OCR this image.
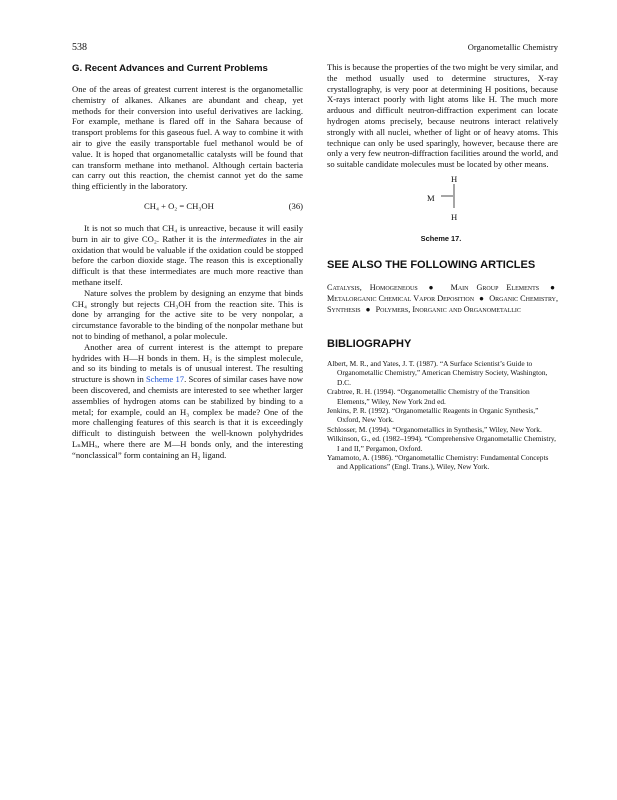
538	Organometallic Chemistry
G. Recent Advances and Current Problems

One of the areas of greatest current interest is the organometallic chemistry of alkanes. Alkanes are abundant and cheap, yet methods for their conversion into useful derivatives are lacking. For example, methane is flared off in the Sahara because of transport problems for this gaseous fuel. A way to combine it with air to give the easily transportable fuel methanol would be of value. It is hoped that organometallic catalysts will be found that can transform methane into methanol. Although certain bacteria can carry out this reaction, the chemist cannot yet do the same thing efficiently in the laboratory.

CH₄ + O₂ = CH₃OH	(36)

It is not so much that CH₄ is unreactive, because it will easily burn in air to give CO₂. Rather it is the intermediates in the air oxidation that would be valuable if the oxidation could be stopped before the carbon dioxide stage. The reason this is exceptionally difficult is that these intermediates are much more reactive than methane itself.

Nature solves the problem by designing an enzyme that binds CH₄ strongly but rejects CH₃OH from the reaction site. This is done by arranging for the active site to be very nonpolar, a circumstance favorable to the binding of the nonpolar methane but not to binding of methanol, a polar molecule.

Another area of current interest is the attempt to prepare hydrides with H—H bonds in them. H₂ is the simplest molecule, and so its binding to metals is of unusual interest. The resulting structure is shown in Scheme 17. Scores of similar cases have now been discovered, and chemists are interested to see whether larger assemblies of hydrogen atoms can be stabilized by binding to a metal; for example, could an H₃ complex be made? One of the more challenging features of this search is that it is exceedingly difficult to distinguish between the well-known polyhydrides LₙMHₓ, where there are M—H bonds only, and the interesting “nonclassical” form containing an H₂ ligand.

This is because the properties of the two might be very similar, and the method usually used to determine structures, X-ray crystallography, is very poor at determining H positions, because X-rays interact poorly with light atoms like H. The much more arduous and difficult neutron-diffraction experiment can locate hydrogen atoms precisely, because neutrons interact relatively strongly with all nuclei, whether of light or of heavy atoms. This technique can only be used sparingly, however, because there are only a very few neutron-diffraction facilities around the world, and so suitable candidate molecules must be located by other means.

H
M
H
Scheme 17.
SEE ALSO THE FOLLOWING ARTICLES
Catalysis, Homogeneous ● Main Group Elements ● Metalorganic Chemical Vapor Deposition ● Organic Chemistry, Synthesis ● Polymers, Inorganic and Organometallic
BIBLIOGRAPHY

Albert, M. R., and Yates, J. T. (1987). “A Surface Scientist’s Guide to Organometallic Chemistry,” American Chemistry Society, Washington, D.C.

Crabtree, R. H. (1994). “Organometallic Chemistry of the Transition Elements,” Wiley, New York 2nd ed.

Jenkins, P. R. (1992). “Organometallic Reagents in Organic Synthesis,” Oxford, New York.

Schlosser, M. (1994). “Organometallics in Synthesis,” Wiley, New York.

Wilkinson, G., ed. (1982–1994). “Comprehensive Organometallic Chemistry, I and II,” Pergamon, Oxford.

Yamamoto, A. (1986). “Organometallic Chemistry: Fundamental Concepts and Applications” (Engl. Trans.), Wiley, New York.
